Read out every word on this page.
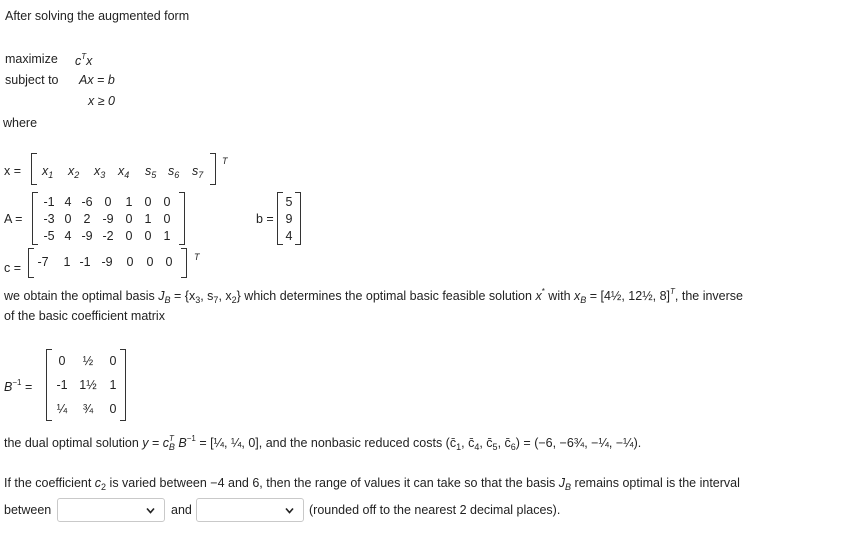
After solving the augmented form
maximize $c^Tx$
subject to Ax = b
x ≥ 0
where
$x = x_1$ $x_2$ $x_3$ $x_4$ $s_5$ $s_6$ $s_7$
T
A =
-1 4 -6 0	1 0 0
-3 0 2 -9 0 1 0
-5 4 -9 -2 0 0 1
b =
5
9
4
c = -7	1 -1 -9	0	0 0	T
we obtain the optimal basis $J_B = \{x_3$, $s_7$, $x_2$} which determines the optimal basic feasible solution x* with $x_B$ = [4½, 12½, 8]$^T$, the inverse
of the basic coefficient matrix
$B^{-1}$ =
0	½	0
-1 1½	1
¼	¾	0
the dual optimal solution $y = c^T_B$ $B^{-1}$ = [¼, ¼, 0], and the nonbasic reduced costs ($c̄_1$, $c̄_4$, $c̄_5$, $c̄_6) = (-6$, −6¾, −¼, −¼).
If the coefficient $c_2$ is varied between −4 and 6, then the range of values it can take so that the basis $J_B$ remains optimal is the interval
between	and	(rounded off to the nearest 2 decimal places).
